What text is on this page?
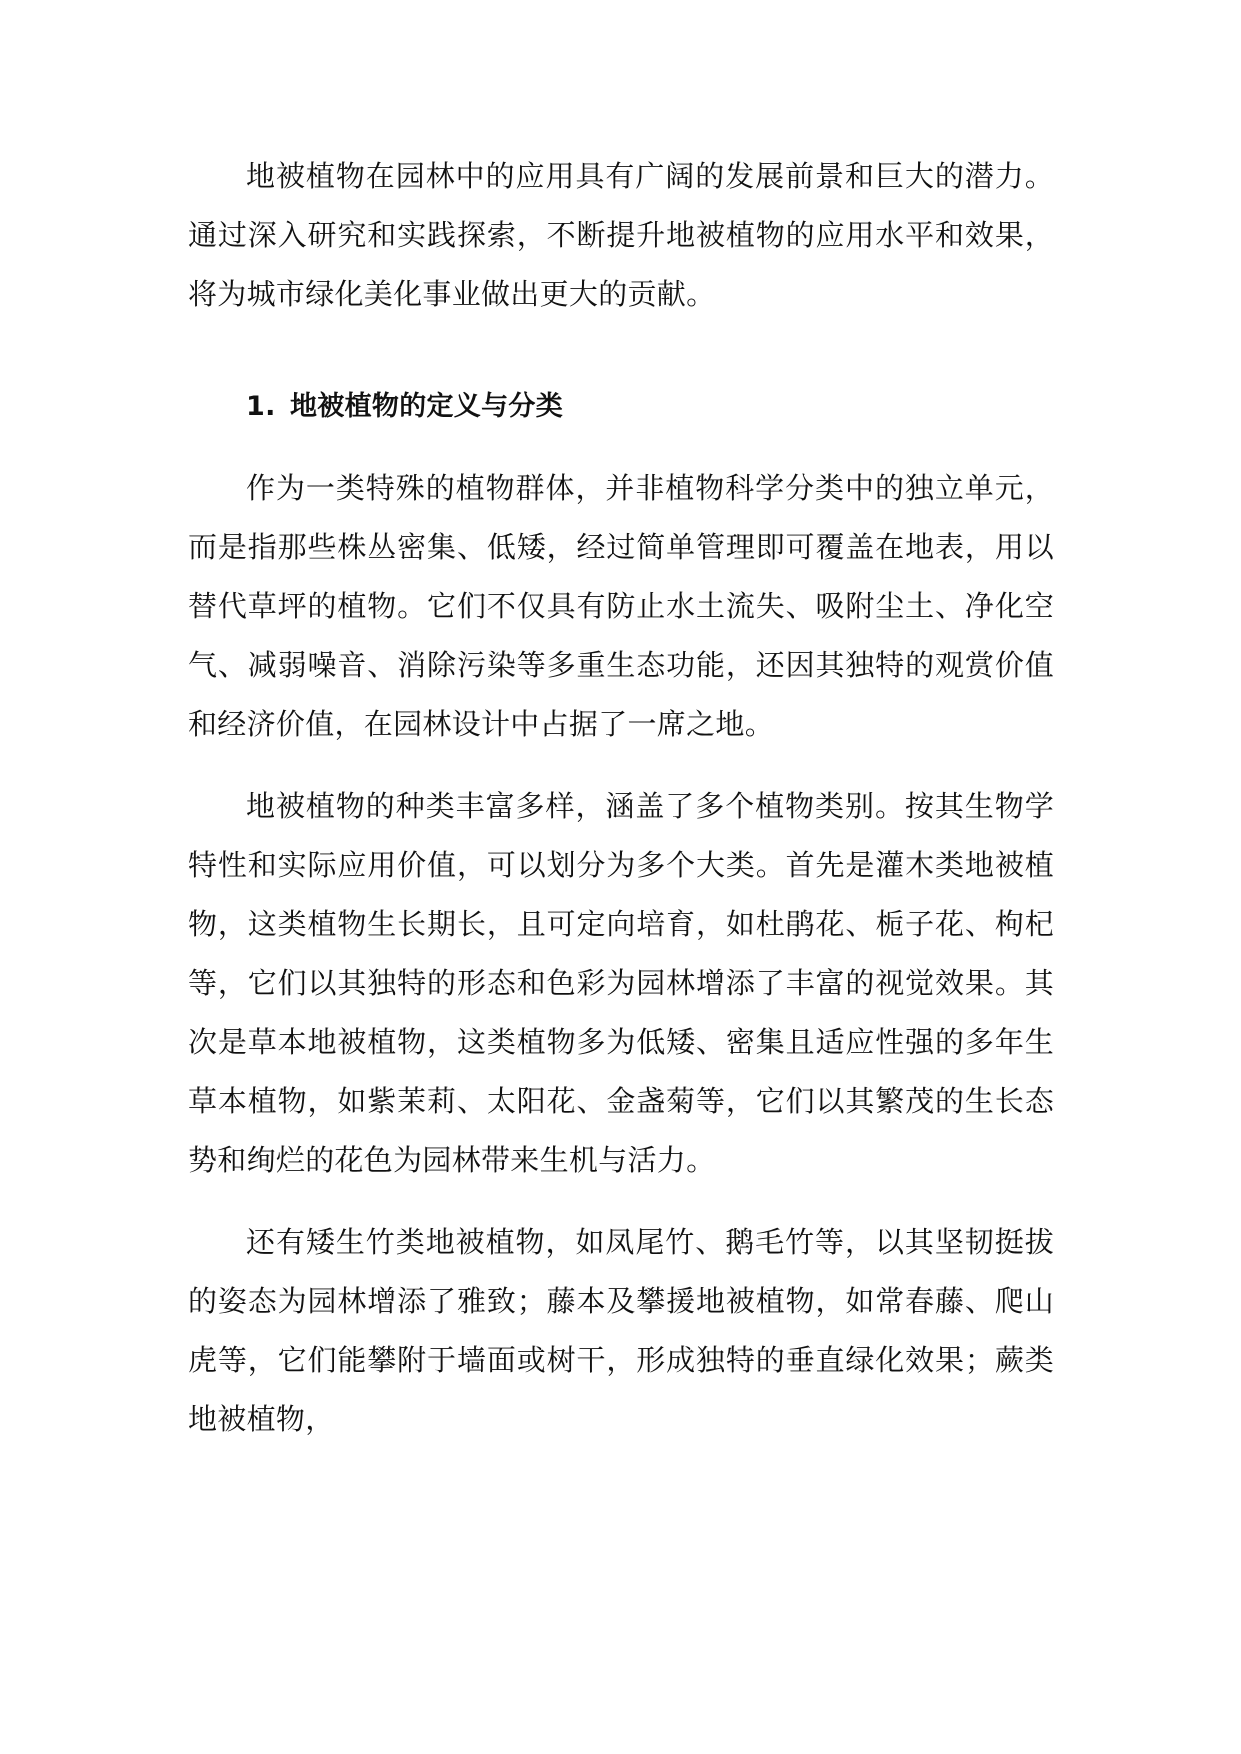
地被植物在园林中的应用具有广阔的发展前景和巨大的潜力。通过深入研究和实践探索，不断提升地被植物的应用水平和效果，将为城市绿化美化事业做出更大的贡献。

1. 地被植物的定义与分类

作为一类特殊的植物群体，并非植物科学分类中的独立单元，而是指那些株丛密集、低矮，经过简单管理即可覆盖在地表，用以替代草坪的植物。它们不仅具有防止水土流失、吸附尘土、净化空气、减弱噪音、消除污染等多重生态功能，还因其独特的观赏价值和经济价值，在园林设计中占据了一席之地。

地被植物的种类丰富多样，涵盖了多个植物类别。按其生物学特性和实际应用价值，可以划分为多个大类。首先是灌木类地被植物，这类植物生长期长，且可定向培育，如杜鹃花、栀子花、枸杞等，它们以其独特的形态和色彩为园林增添了丰富的视觉效果。其次是草本地被植物，这类植物多为低矮、密集且适应性强的多年生草本植物，如紫茉莉、太阳花、金盏菊等，它们以其繁茂的生长态势和绚烂的花色为园林带来生机与活力。

还有矮生竹类地被植物，如凤尾竹、鹅毛竹等，以其坚韧挺拔的姿态为园林增添了雅致；藤本及攀援地被植物，如常春藤、爬山虎等，它们能攀附于墙面或树干，形成独特的垂直绿化效果；蕨类地被植物，
